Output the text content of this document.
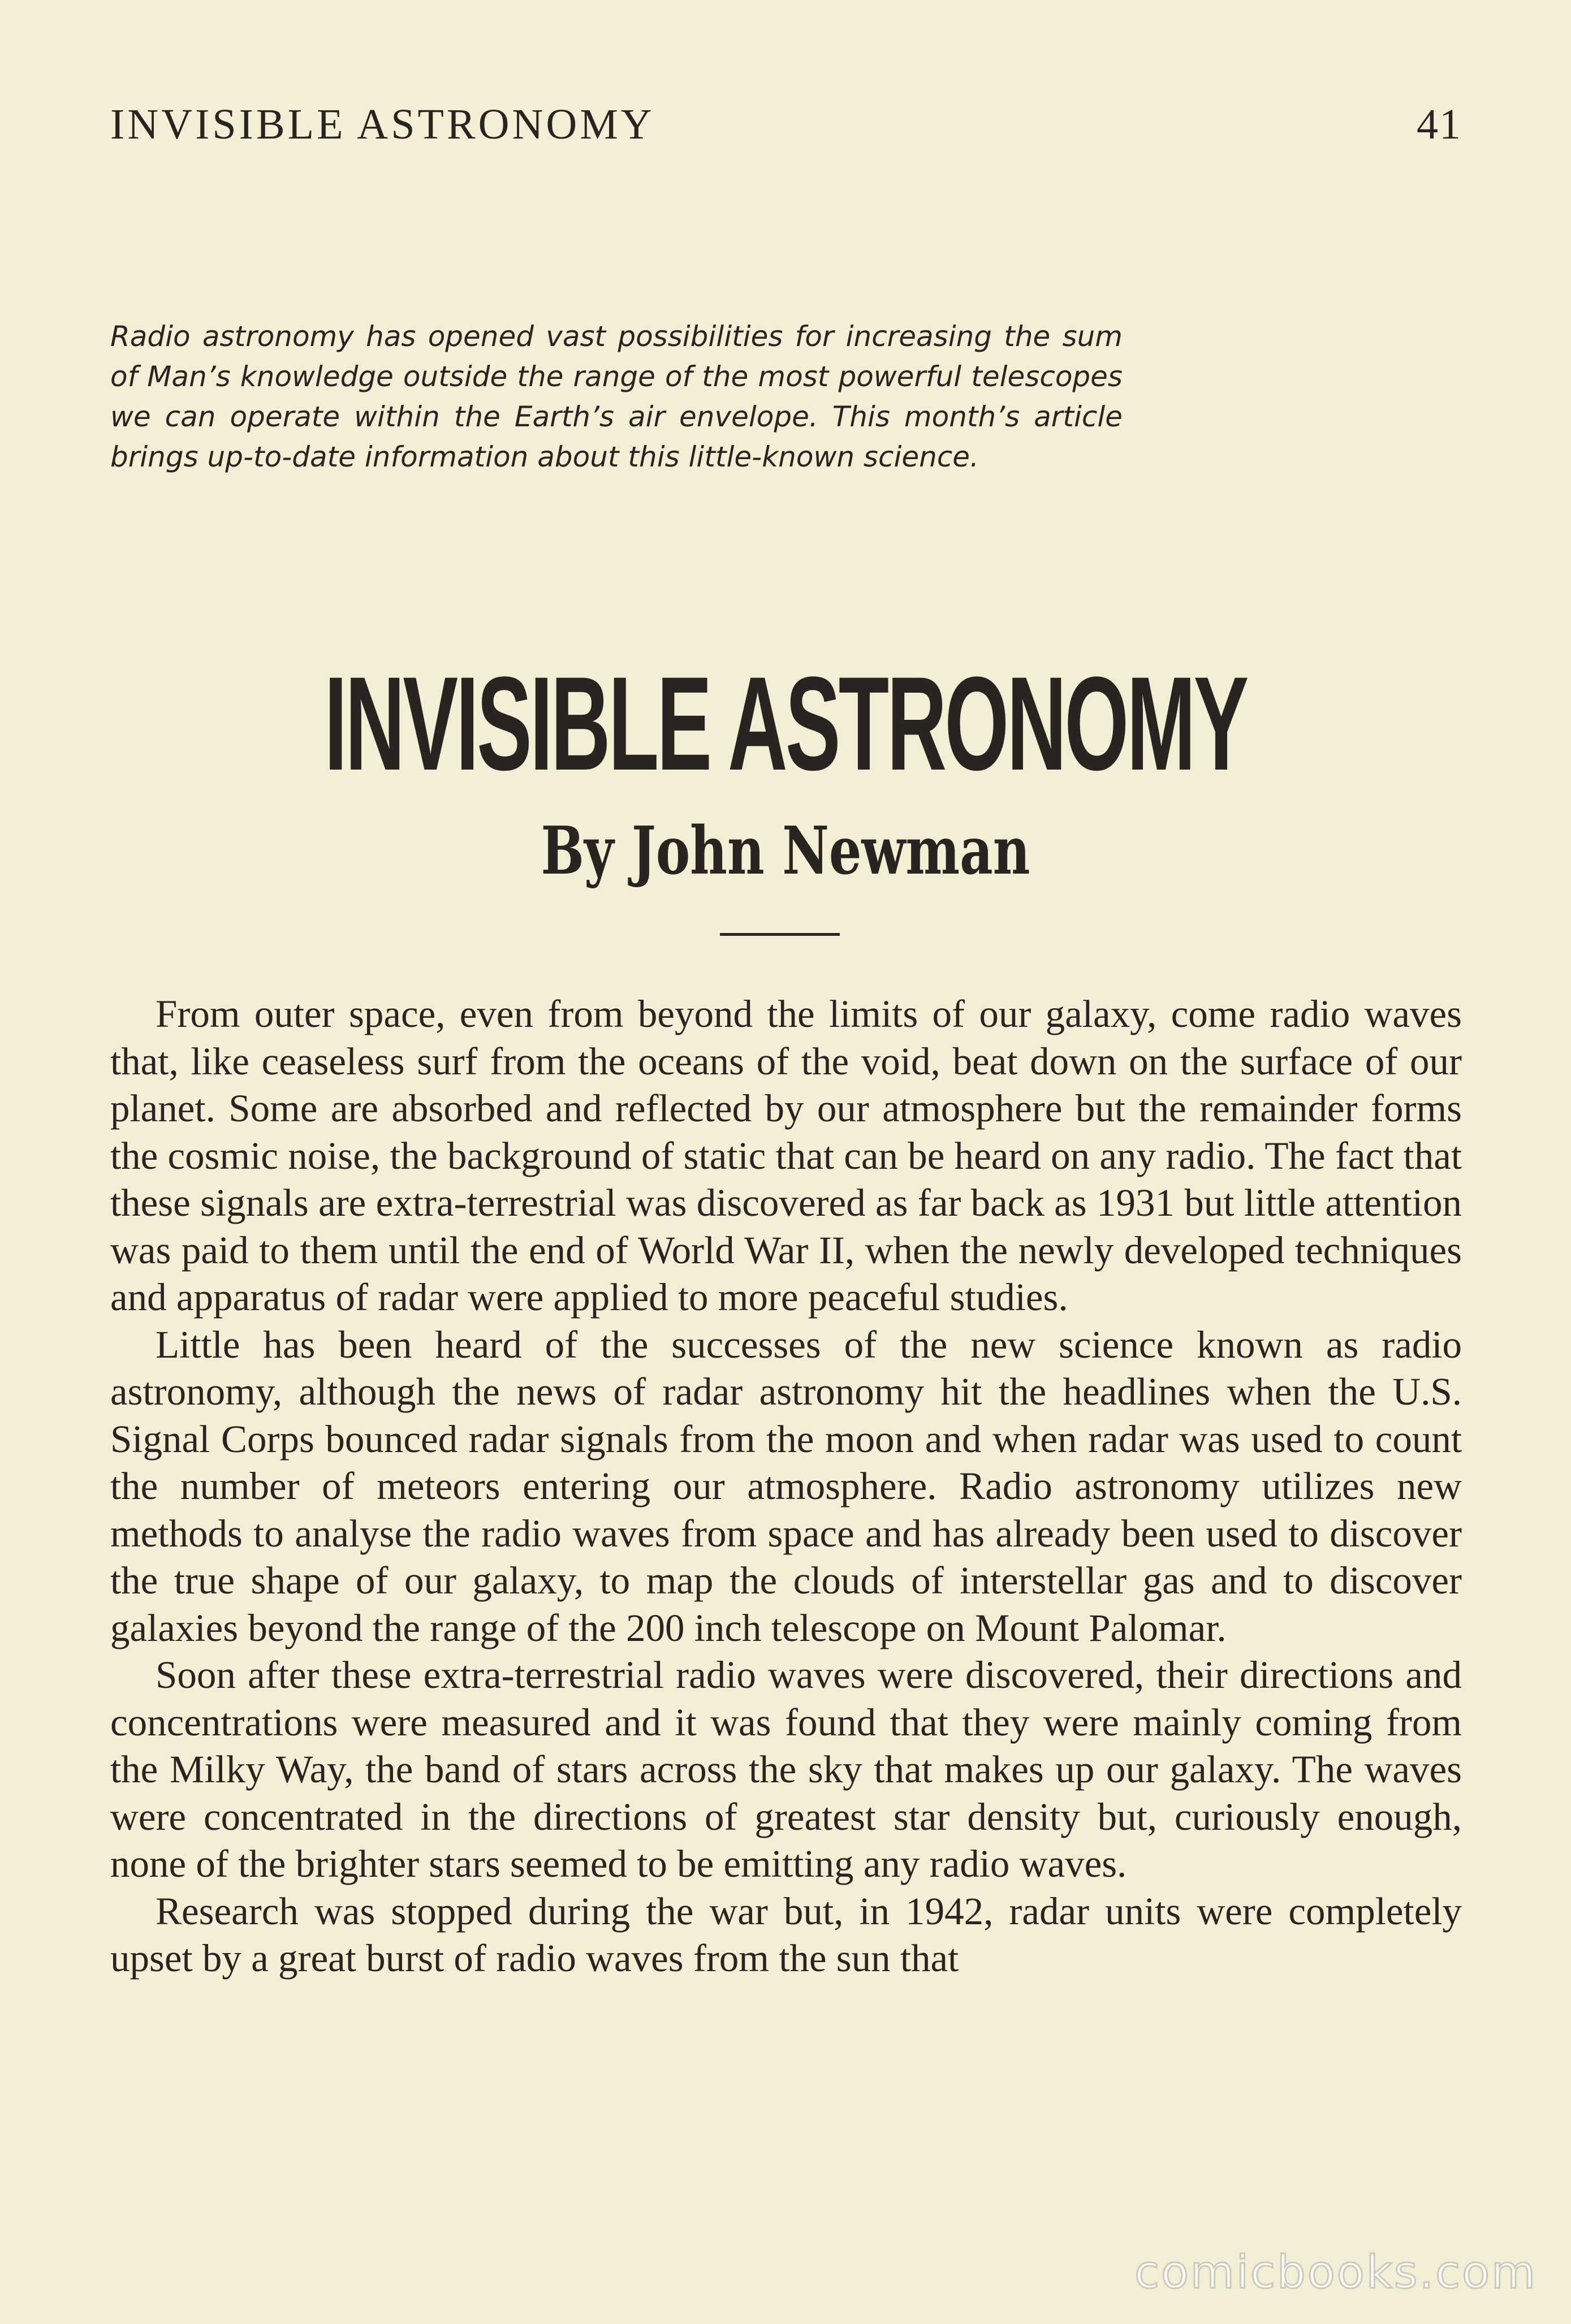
INVISIBLE ASTRONOMY	41

Radio astronomy has opened vast possibilities for increasing the sum of Man’s knowledge outside the range of the most powerful telescopes we can operate within the Earth’s air envelope. This month’s article brings up-to-date information about this little-known science.

INVISIBLE ASTRONOMY
By John Newman

From outer space, even from beyond the limits of our galaxy, come radio waves that, like ceaseless surf from the oceans of the void, beat down on the surface of our planet. Some are absorbed and reflected by our atmosphere but the remainder forms the cosmic noise, the background of static that can be heard on any radio. The fact that these signals are extra-terrestrial was discovered as far back as 1931 but little attention was paid to them until the end of World War II, when the newly developed techniques and apparatus of radar were applied to more peaceful studies.

Little has been heard of the successes of the new science known as radio astronomy, although the news of radar astronomy hit the headlines when the U.S. Signal Corps bounced radar signals from the moon and when radar was used to count the number of meteors entering our atmosphere. Radio astronomy utilizes new methods to analyse the radio waves from space and has already been used to discover the true shape of our galaxy, to map the clouds of interstellar gas and to discover galaxies beyond the range of the 200 inch telescope on Mount Palomar.

Soon after these extra-terrestrial radio waves were discovered, their directions and concentrations were measured and it was found that they were mainly coming from the Milky Way, the band of stars across the sky that makes up our galaxy. The waves were concentrated in the directions of greatest star density but, curiously enough, none of the brighter stars seemed to be emitting any radio waves.

Research was stopped during the war but, in 1942, radar units were completely upset by a great burst of radio waves from the sun that

comicbooks.com
